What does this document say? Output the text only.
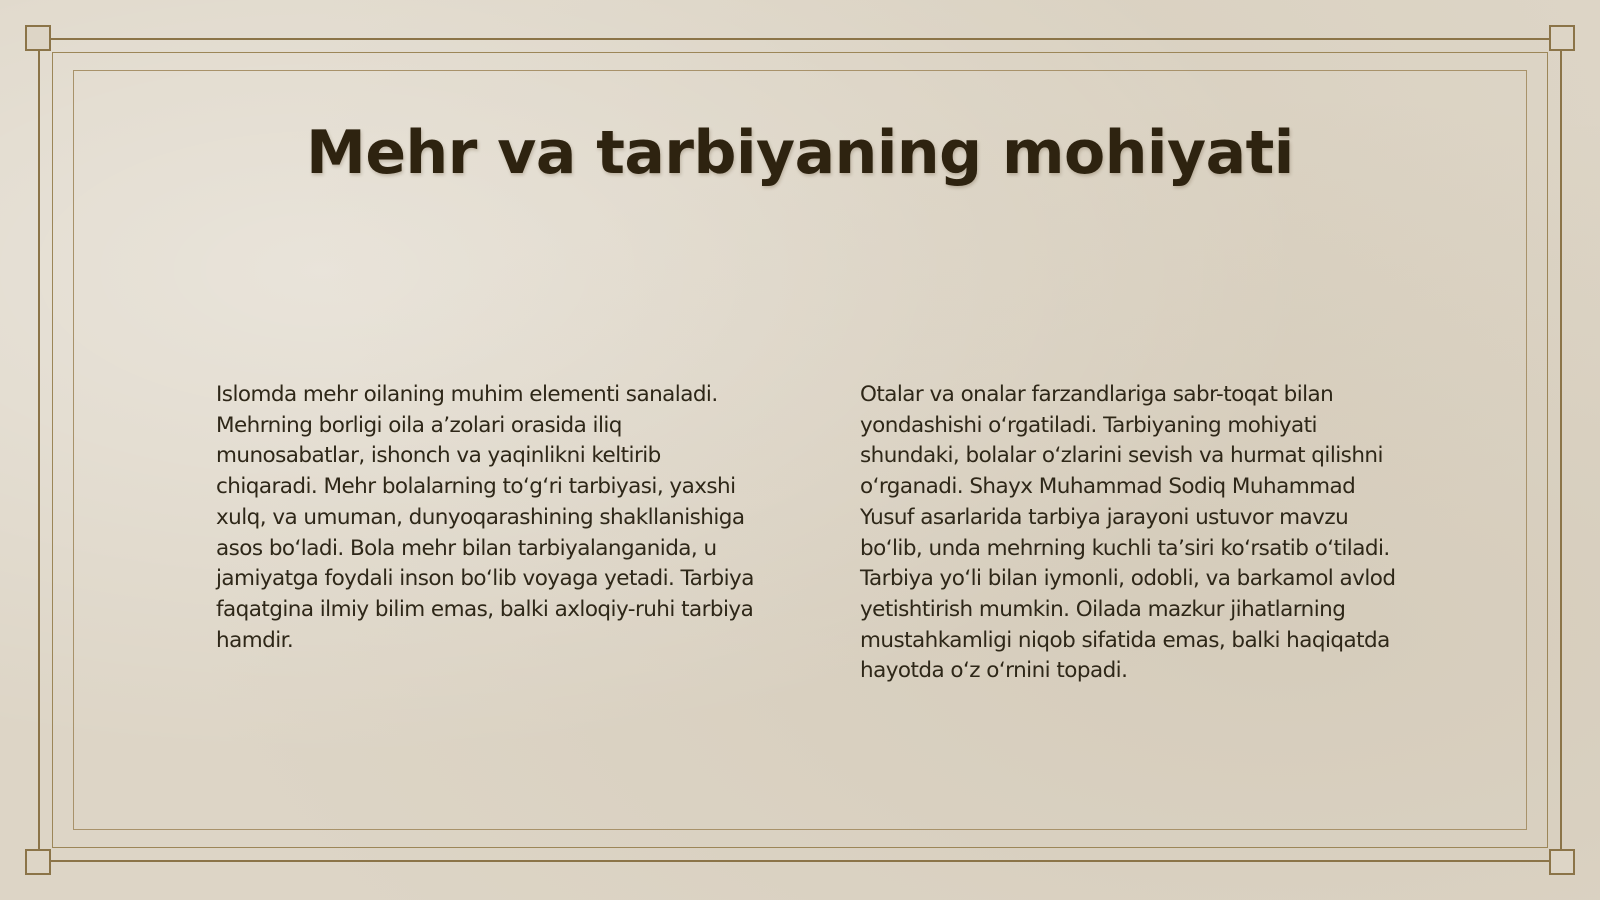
Mehr va tarbiyaning mohiyati

Islomda mehr oilaning muhim elementi sanaladi. Mehrning borligi oila a’zolari orasida iliq munosabatlar, ishonch va yaqinlikni keltirib chiqaradi. Mehr bolalarning to‘g‘ri tarbiyasi, yaxshi xulq, va umuman, dunyoqarashining shakllanishiga asos bo‘ladi. Bola mehr bilan tarbiyalanganida, u jamiyatga foydali inson bo‘lib voyaga yetadi. Tarbiya faqatgina ilmiy bilim emas, balki axloqiy-ruhi tarbiya hamdir.

Otalar va onalar farzandlariga sabr-toqat bilan yondashishi o‘rgatiladi. Tarbiyaning mohiyati shundaki, bolalar o‘zlarini sevish va hurmat qilishni o‘rganadi. Shayx Muhammad Sodiq Muhammad Yusuf asarlarida tarbiya jarayoni ustuvor mavzu bo‘lib, unda mehrning kuchli ta’siri ko‘rsatib o‘tiladi. Tarbiya yo‘li bilan iymonli, odobli, va barkamol avlod yetishtirish mumkin. Oilada mazkur jihatlarning mustahkamligi niqob sifatida emas, balki haqiqatda hayotda o‘z o‘rnini topadi.
